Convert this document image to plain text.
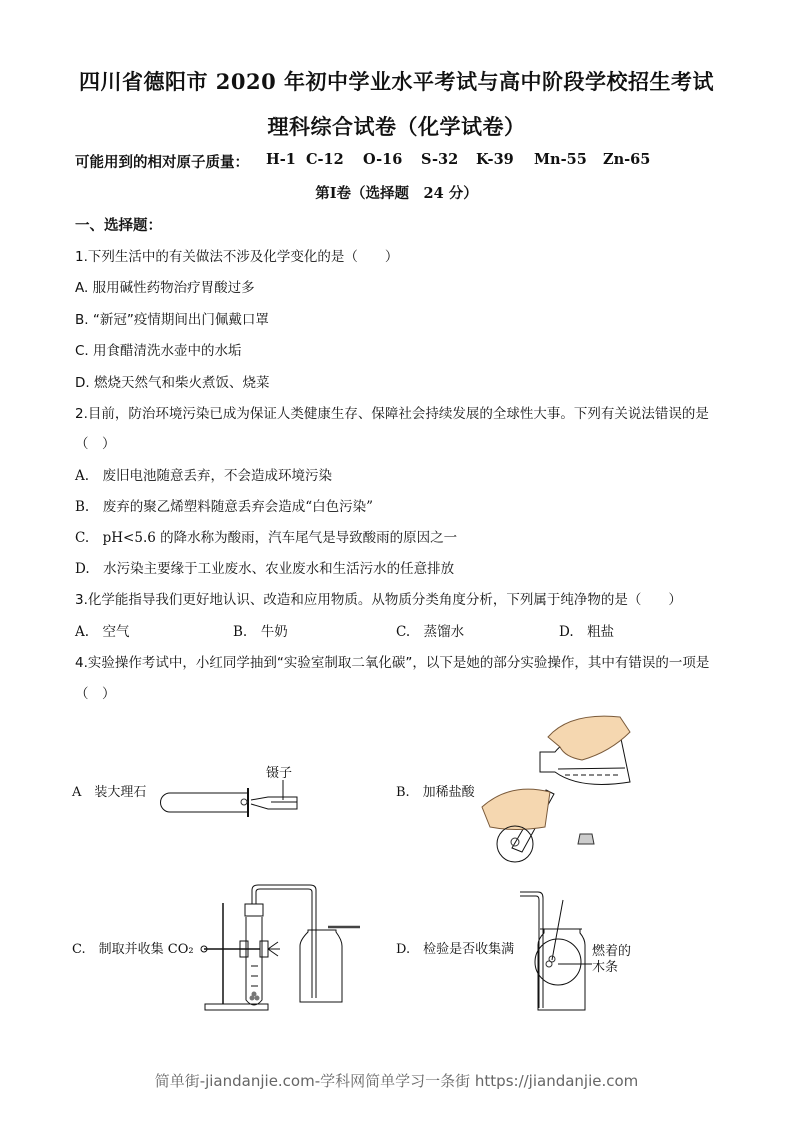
四川省德阳市 2020 年初中学业水平考试与高中阶段学校招生考试
理科综合试卷（化学试卷）
可能用到的相对原子质量： H-1 C-12 O-16 S-32 K-39 Mn-55 Zn-65
第Ⅰ卷（选择题　24 分）
一、选择题：
1.下列生活中的有关做法不涉及化学变化的是（　　）
A. 服用碱性药物治疗胃酸过多
B. “新冠”疫情期间出门佩戴口罩
C. 用食醋清洗水壶中的水垢
D. 燃烧天然气和柴火煮饭、烧菜
2.目前，防治环境污染已成为保证人类健康生存、保障社会持续发展的全球性大事。下列有关说法错误的是
（　）
A.　废旧电池随意丢弃，不会造成环境污染
B.　废弃的聚乙烯塑料随意丢弃会造成“白色污染”
C.　pH<5.6 的降水称为酸雨，汽车尾气是导致酸雨的原因之一
D.　水污染主要缘于工业废水、农业废水和生活污水的任意排放
3.化学能指导我们更好地认识、改造和应用物质。从物质分类角度分析，下列属于纯净物的是（　　）
A.　空气	B.　牛奶	C.　蒸馏水	D.　粗盐
4.实验操作考试中，小红同学抽到“实验室制取二氧化碳”，以下是她的部分实验操作，其中有错误的一项是
（　）
A　装大理石
镊子
B.　加稀盐酸
C.　制取并收集 CO₂	D.　检验是否收集满	燃着的
木条
简单街-jiandanjie.com-学科网简单学习一条街 https://jiandanjie.com
